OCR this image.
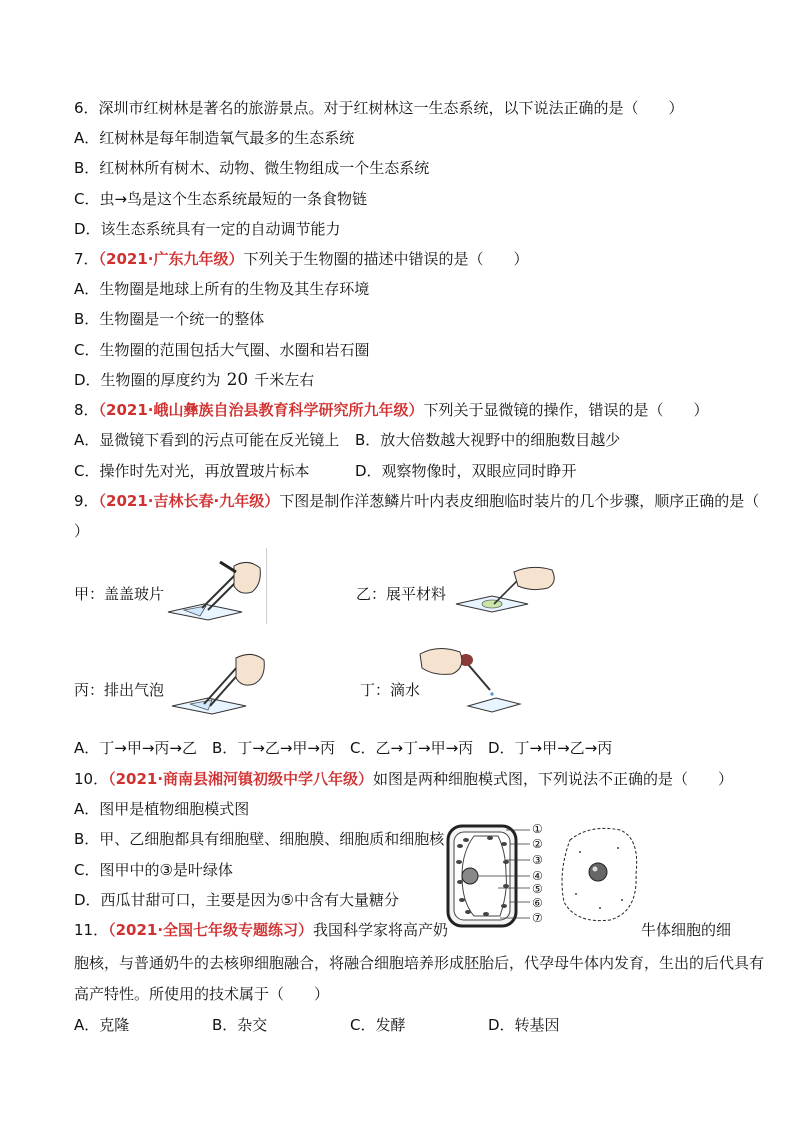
6．深圳市红树林是著名的旅游景点。对于红树林这一生态系统，以下说法正确的是（　　）
A．红树林是每年制造氧气最多的生态系统
B．红树林所有树木、动物、微生物组成一个生态系统
C．虫→鸟是这个生态系统最短的一条食物链
D．该生态系统具有一定的自动调节能力
7．（2021·广东九年级）下列关于生物圈的描述中错误的是（　　）
A．生物圈是地球上所有的生物及其生存环境
B．生物圈是一个统一的整体
C．生物圈的范围包括大气圈、水圈和岩石圈
D．生物圈的厚度约为 20 千米左右
8．（2021·峨山彝族自治县教育科学研究所九年级）下列关于显微镜的操作，错误的是（　　）
A．显微镜下看到的污点可能在反光镜上 B．放大倍数越大视野中的细胞数目越少
C．操作时先对光，再放置玻片标本	D．观察物像时，双眼应同时睁开
9．（2021·吉林长春·九年级）下图是制作洋葱鳞片叶内表皮细胞临时装片的几个步骤，顺序正确的是（
）
甲：盖盖玻片	乙：展平材料
丙：排出气泡	丁：滴水
A．丁→甲→丙→乙 B．丁→乙→甲→丙 C．乙→丁→甲→丙 D．丁→甲→乙→丙
10．（2021·商南县湘河镇初级中学八年级）如图是两种细胞模式图，下列说法不正确的是（　　）
A．图甲是植物细胞模式图
B．甲、乙细胞都具有细胞壁、细胞膜、细胞质和细胞核
C．图甲中的③是叶绿体
D．西瓜甘甜可口，主要是因为⑤中含有大量糖分
①
②
③
④
⑤
⑥
⑦
11．（2021·全国七年级专题练习）我国科学家将高产奶	牛体细胞的细
胞核，与普通奶牛的去核卵细胞融合，将融合细胞培养形成胚胎后，代孕母牛体内发育，生出的后代具有
高产特性。所使用的技术属于（　　）
A．克隆	B．杂交	C．发酵	D．转基因
